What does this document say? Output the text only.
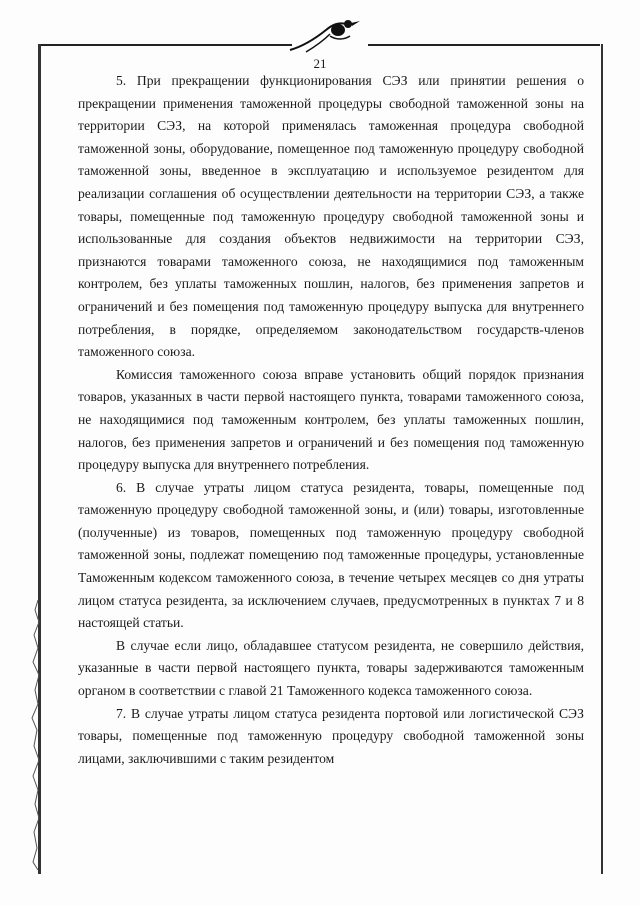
21

5. При прекращении функционирования СЭЗ или принятии решения о прекращении применения таможенной процедуры свободной таможенной зоны на территории СЭЗ, на которой применялась таможенная процедура свободной таможенной зоны, оборудование, помещенное под таможенную процедуру свободной таможенной зоны, введенное в эксплуатацию и используемое резидентом для реализации соглашения об осуществлении деятельности на территории СЭЗ, а также товары, помещенные под таможенную процедуру свободной таможенной зоны и использованные для создания объектов недвижимости на территории СЭЗ, признаются товарами таможенного союза, не находящимися под таможенным контролем, без уплаты таможенных пошлин, налогов, без применения запретов и ограничений и без помещения под таможенную процедуру выпуска для внутреннего потребления, в порядке, определяемом законодательством государств-членов таможенного союза.

Комиссия таможенного союза вправе установить общий порядок признания товаров, указанных в части первой настоящего пункта, товарами таможенного союза, не находящимися под таможенным контролем, без уплаты таможенных пошлин, налогов, без применения запретов и ограничений и без помещения под таможенную процедуру выпуска для внутреннего потребления.

6. В случае утраты лицом статуса резидента, товары, помещенные под таможенную процедуру свободной таможенной зоны, и (или) товары, изготовленные (полученные) из товаров, помещенных под таможенную процедуру свободной таможенной зоны, подлежат помещению под таможенные процедуры, установленные Таможенным кодексом таможенного союза, в течение четырех месяцев со дня утраты лицом статуса резидента, за исключением случаев, предусмотренных в пунктах 7 и 8 настоящей статьи.

В случае если лицо, обладавшее статусом резидента, не совершило действия, указанные в части первой настоящего пункта, товары задерживаются таможенным органом в соответствии с главой 21 Таможенного кодекса таможенного союза.

7. В случае утраты лицом статуса резидента портовой или логистической СЭЗ товары, помещенные под таможенную процедуру свободной таможенной зоны лицами, заключившими с таким резидентом
